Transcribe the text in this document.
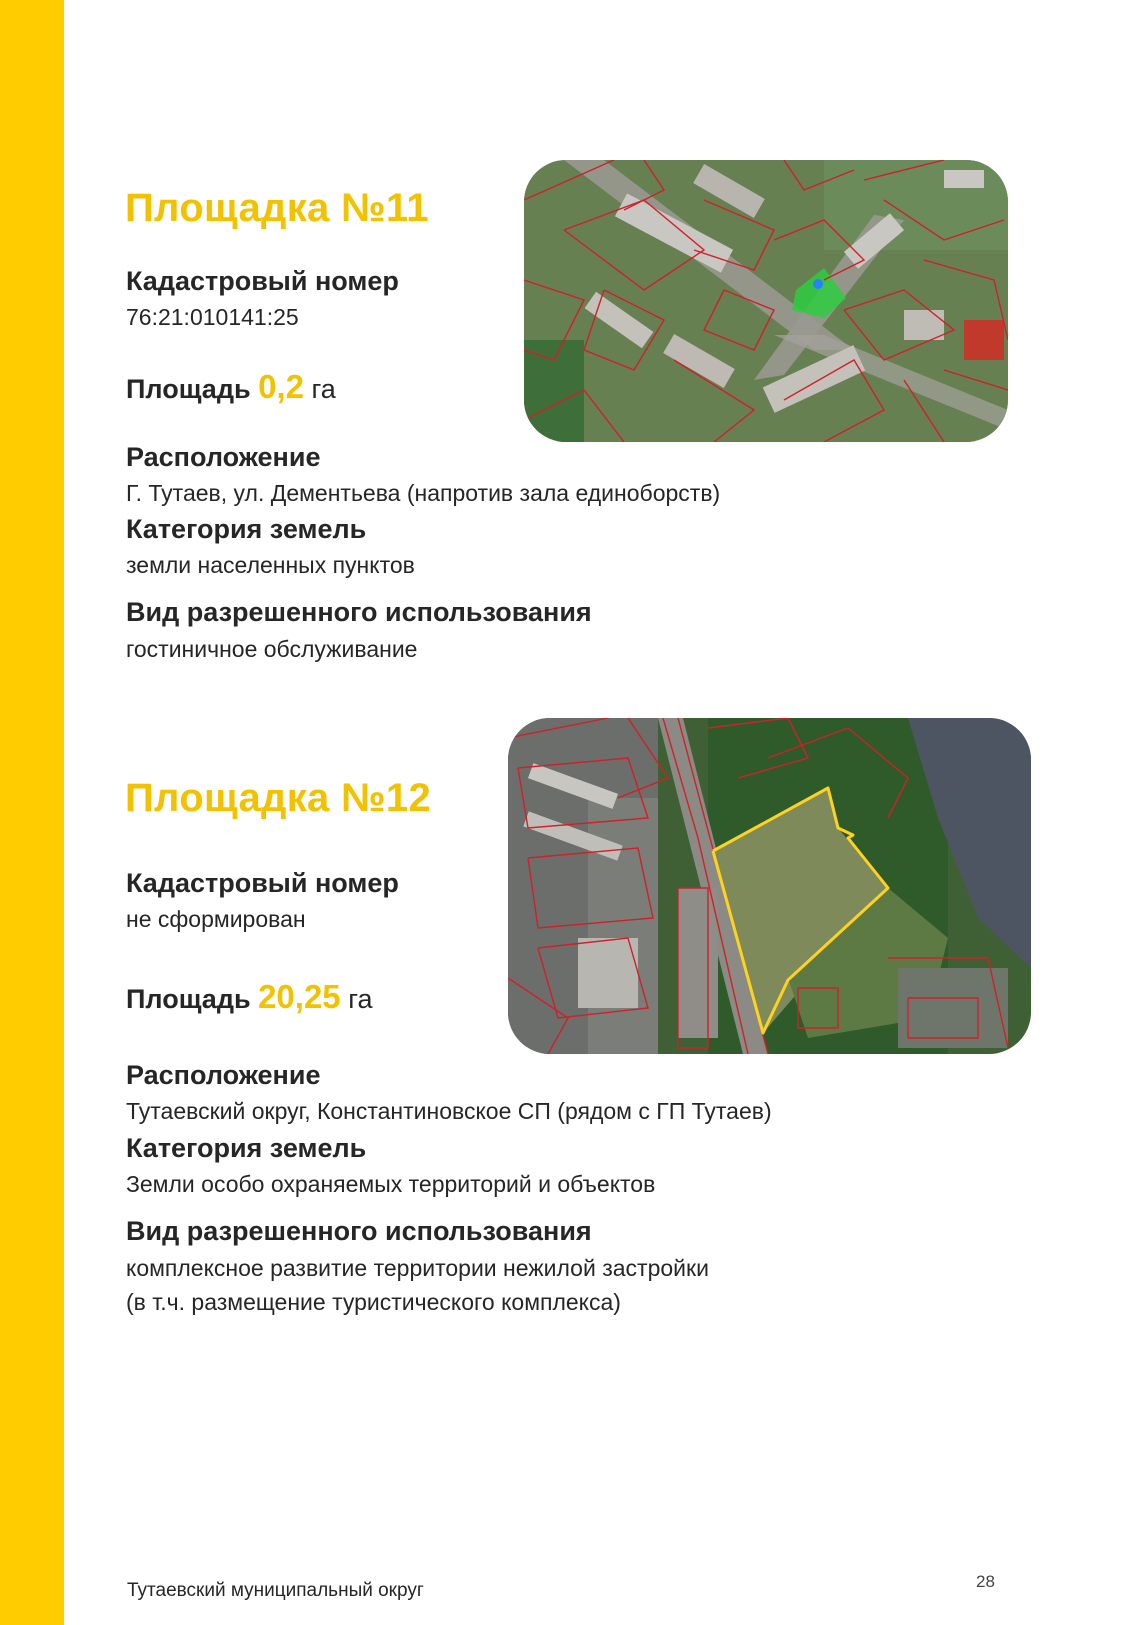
Площадка №11
Кадастровый номер
76:21:010141:25
Площадь 0,2 га
Расположение
Г. Тутаев, ул. Дементьева (напротив зала единоборств)
Категория земель
земли населенных пунктов
Вид разрешенного использования
гостиничное обслуживание
Площадка №12
Кадастровый номер
не сформирован
Площадь 20,25 га
Расположение
Тутаевский округ, Константиновское СП (рядом с ГП Тутаев)
Категория земель
Земли особо охраняемых территорий и объектов
Вид разрешенного использования
комплексное развитие территории нежилой застройки
(в т.ч. размещение туристического комплекса)
Тутаевский муниципальный округ	28
